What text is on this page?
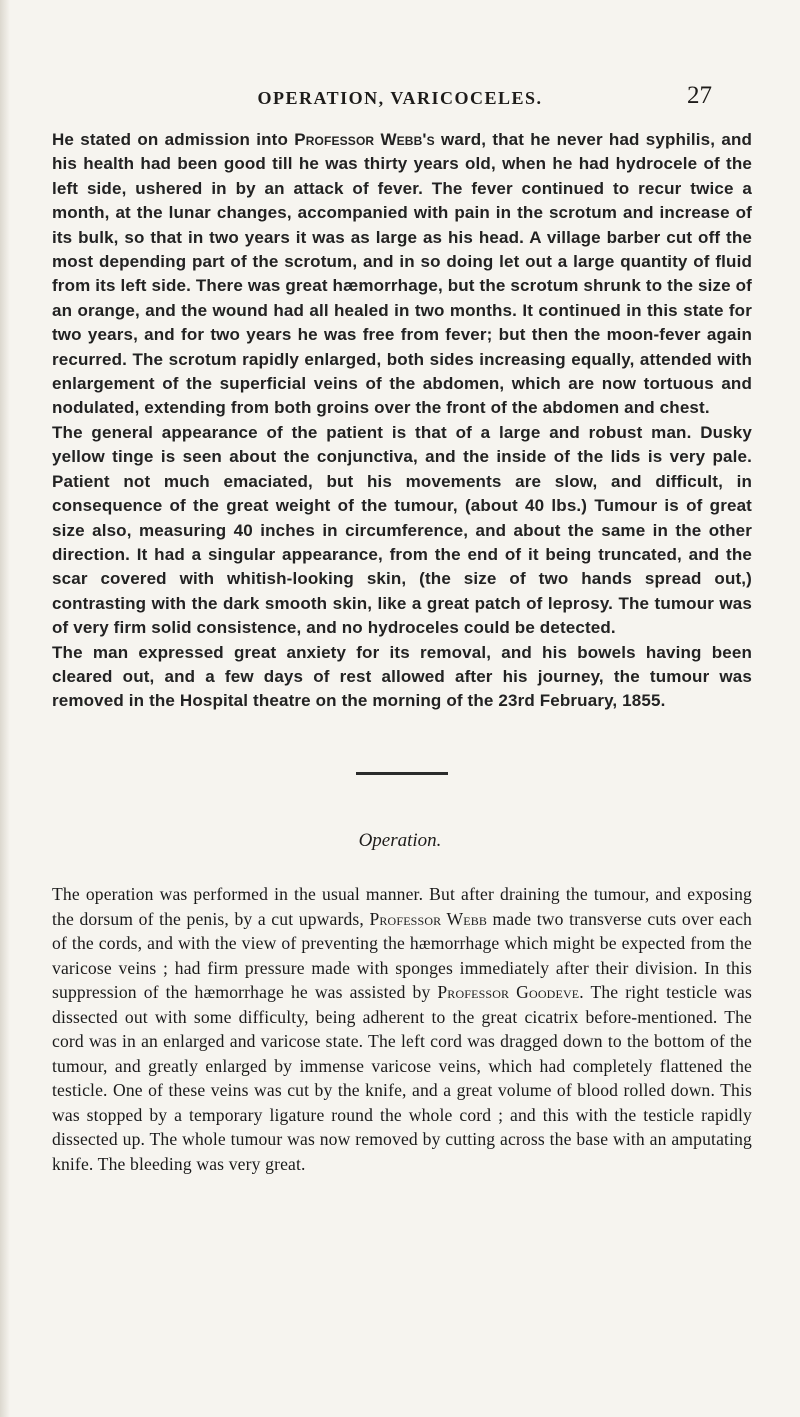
OPERATION, VARICOCELES.	27

He stated on admission into Professor Webb's ward, that he never had syphilis, and his health had been good till he was thirty years old, when he had hydrocele of the left side, ushered in by an attack of fever. The fever continued to recur twice a month, at the lunar changes, accompanied with pain in the scrotum and increase of its bulk, so that in two years it was as large as his head. A village barber cut off the most depending part of the scrotum, and in so doing let out a large quantity of fluid from its left side. There was great hæmorrhage, but the scrotum shrunk to the size of an orange, and the wound had all healed in two months. It continued in this state for two years, and for two years he was free from fever; but then the moon-fever again recurred. The scrotum rapidly enlarged, both sides increasing equally, attended with enlargement of the superficial veins of the abdomen, which are now tortuous and nodulated, extending from both groins over the front of the abdomen and chest.

The general appearance of the patient is that of a large and robust man. Dusky yellow tinge is seen about the conjunctiva, and the inside of the lids is very pale. Patient not much emaciated, but his movements are slow, and difficult, in consequence of the great weight of the tumour, (about 40 lbs.) Tumour is of great size also, measuring 40 inches in circumference, and about the same in the other direction. It had a singular appearance, from the end of it being truncated, and the scar covered with whitish-looking skin, (the size of two hands spread out,) contrasting with the dark smooth skin, like a great patch of leprosy. The tumour was of very firm solid consistence, and no hydroceles could be detected.

The man expressed great anxiety for its removal, and his bowels having been cleared out, and a few days of rest allowed after his journey, the tumour was removed in the Hospital theatre on the morning of the 23rd February, 1855.

Operation.

The operation was performed in the usual manner. But after draining the tumour, and exposing the dorsum of the penis, by a cut upwards, Professor Webb made two transverse cuts over each of the cords, and with the view of preventing the hæmorrhage which might be expected from the varicose veins ; had firm pressure made with sponges immediately after their division. In this suppression of the hæmorrhage he was assisted by Professor Goodeve. The right testicle was dissected out with some difficulty, being adherent to the great cicatrix before-mentioned. The cord was in an enlarged and varicose state. The left cord was dragged down to the bottom of the tumour, and greatly enlarged by immense varicose veins, which had completely flattened the testicle. One of these veins was cut by the knife, and a great volume of blood rolled down. This was stopped by a temporary ligature round the whole cord ; and this with the testicle rapidly dissected up. The whole tumour was now removed by cutting across the base with an amputating knife. The bleeding was very great.
